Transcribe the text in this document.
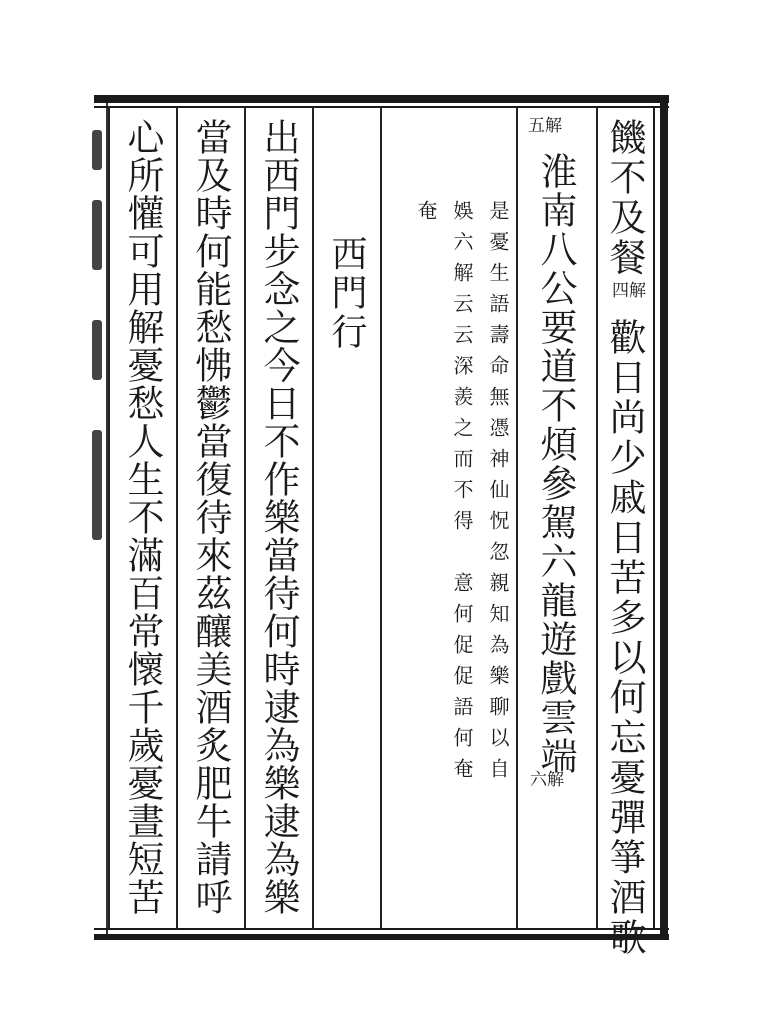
饑不及餐
四解
歡日尚少戚日苦多以何忘憂彈箏酒歌
五解
淮南八公要道不煩參駕六龍遊戲雲端
六解
是憂生語壽命無憑神仙怳忽親知為樂聊以自
娛六解云云深羨之而不得　意何促促語何奄
奄
西門行
出西門步念之今日不作樂當待何時逮為樂逮為樂
當及時何能愁怫鬱當復待來茲釀美酒炙肥牛請呼
心所懽可用解憂愁人生不滿百常懷千歲憂晝短苦
